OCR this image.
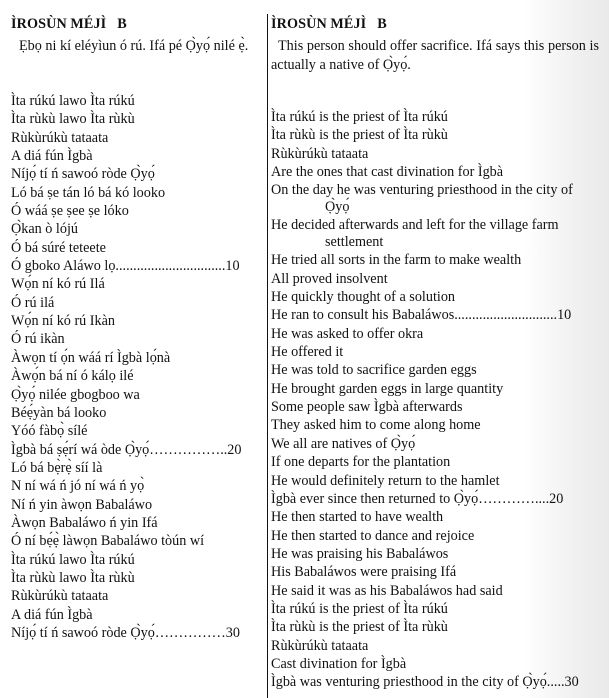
ÌROSÙN MÉJÌ   B
Ẹbọ ni kí eléyìun ó rú. Ifá pé Ọ̀yọ́ nilé ẹ̀.
Ìta rúkú lawo Ìta rúkú
Ìta rùkù lawo Ìta rùkù
Rùkùrúkù tataata
A diá fún Ìgbà
Níjọ́ tí ń sawoó ròde Ọ̀yọ́
Ló bá ṣe tán ló bá kó looko
Ó wáá ṣe ṣee ṣe lóko
Ọ̀kan ò lójú
Ó bá súré teteete
Ó gboko Aláwo lọ...............................10
Wọ́n ní kó rú Ilá
Ó rú ilá
Wọ́n ní kó rú Ikàn
Ó rú ikàn
Àwọn tí ọ́n wáá rí Ìgbà lọ́nà
Àwọ́n bá ní ó kálọ ilé
Ọ̀yọ́ nilée gbogboo wa
Béẹ́yàn bá looko
Yóó fàbọ̀ sílé
Ìgbà bá ṣẹ́rí wá òde Ọ̀yọ́……………..20
Ló bá bẹ̀rẹ̀ síí là
N ní wá ń jó ní wá ń yọ̀
Ní ń yin àwọn Babaláwo
Àwọn Babaláwo ń yin Ifá
Ó ní bẹ́ẹ̀ làwọn Babaláwo tòún wí
Ìta rúkú lawo Ìta rúkú
Ìta rùkù lawo Ìta rùkù
Rùkùrúkù tataata
A diá fún Ìgbà
Níjọ́ tí ń sawoó ròde Ọ̀yọ́……………30
ÌROSÙN MÉJÌ   B
This person should offer sacrifice. Ifá says this person is actually a native of Ọ̀yọ́.
Ìta rúkú is the priest of Ìta rúkú
Ìta rùkù is the priest of Ìta rùkù
Rùkùrúkù tataata
Are the ones that cast divination for Ìgbà
On the day he was venturing priesthood in the city of
Ọ̀yọ́
He decided afterwards and left for the village farm
settlement
He tried all sorts in the farm to make wealth
All proved insolvent
He quickly thought of a solution
He ran to consult his Babaláwos.............................10
He was asked to offer okra
He offered it
He was told to sacrifice garden eggs
He brought garden eggs in large quantity
Some people saw Ìgbà afterwards
They asked him to come along home
We all are natives of Ọ̀yọ́
If one departs for the plantation
He would definitely return to the hamlet
Ìgbà ever since then returned to Ọ̀yọ́…………....20
He then started to have wealth
He then started to dance and rejoice
He was praising his Babaláwos
His Babaláwos were praising Ifá
He said it was as his Babaláwos had said
Ìta rúkú is the priest of Ìta rúkú
Ìta rùkù is the priest of Ìta rùkù
Rùkùrúkù tataata
Cast divination for Ìgbà
Ìgbà was venturing priesthood in the city of Ọ̀yọ́.....30
